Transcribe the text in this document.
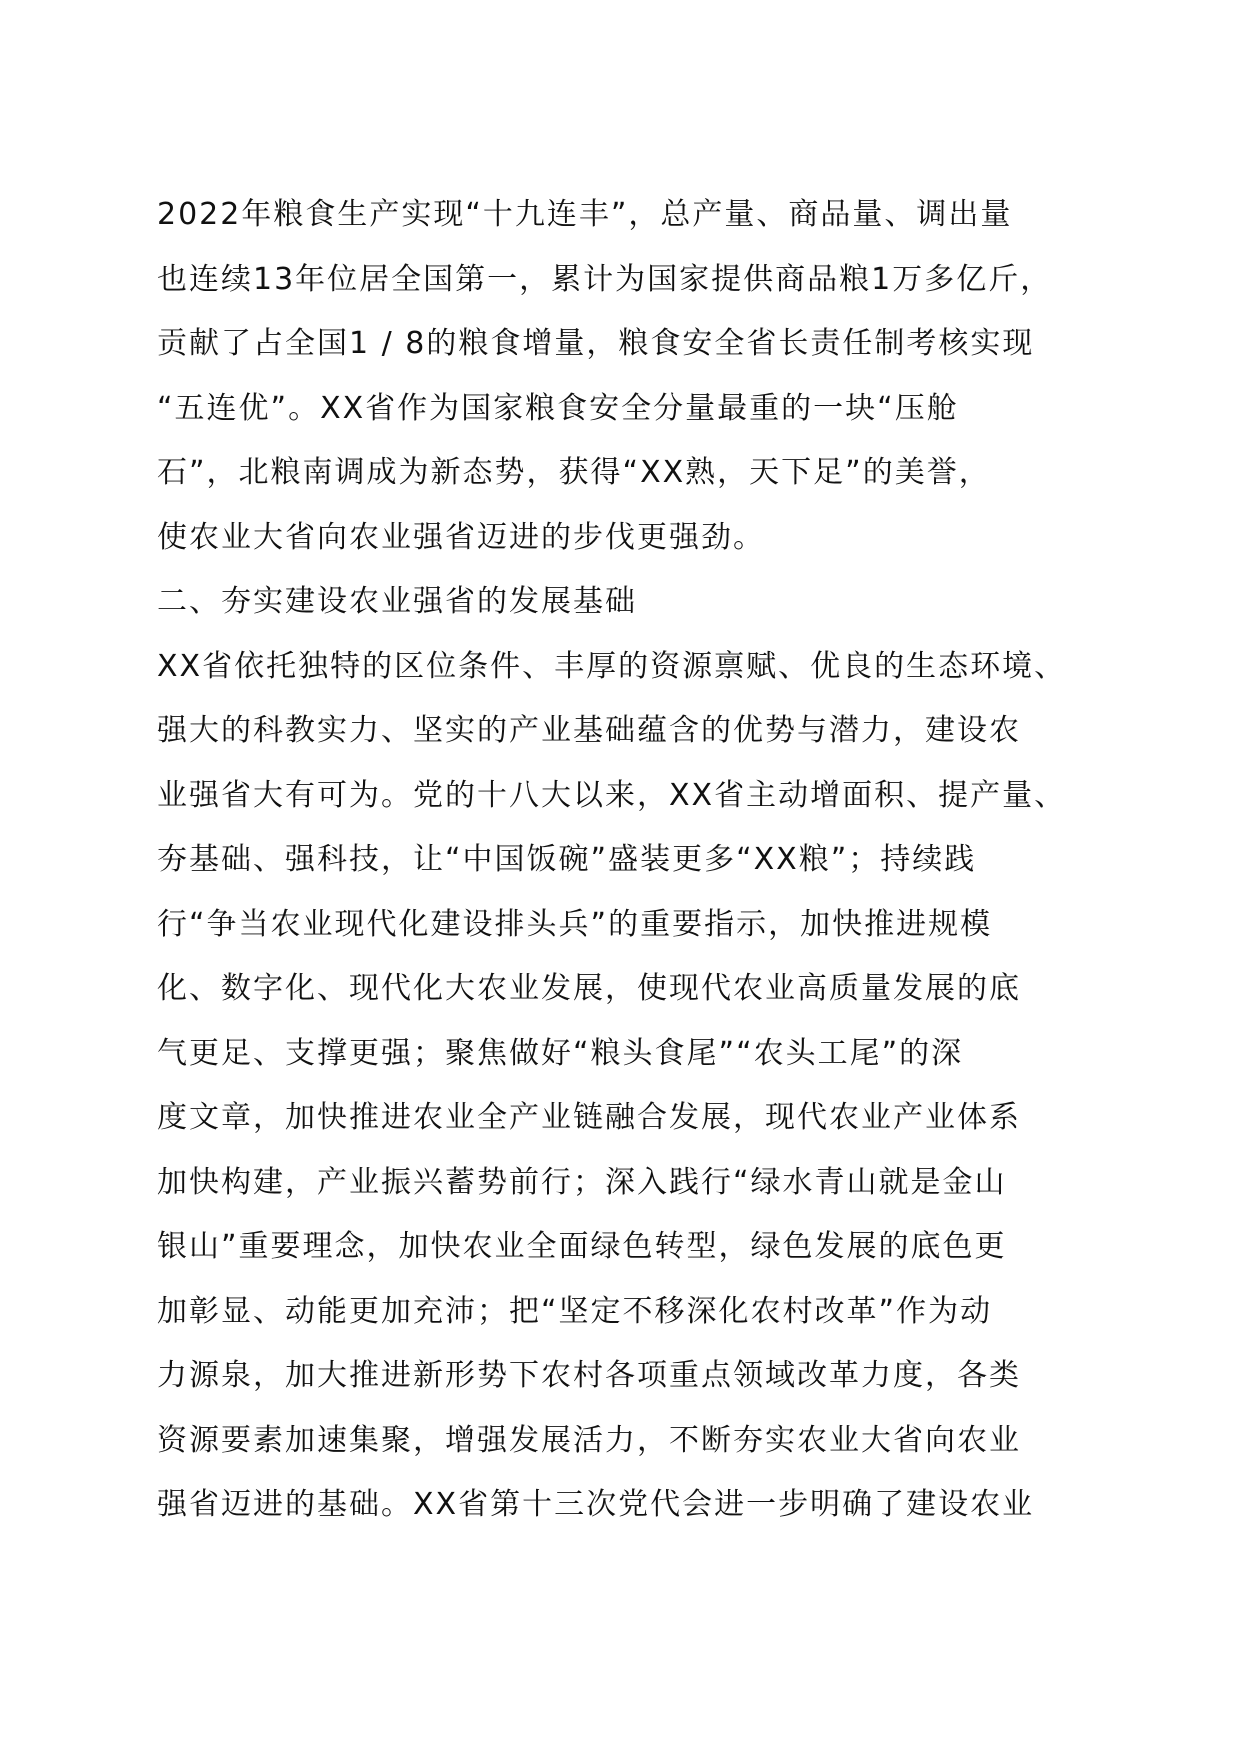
2022年粮食生产实现“十九连丰”，总产量、商品量、调出量
也连续13年位居全国第一，累计为国家提供商品粮1万多亿斤，
贡献了占全国1 / 8的粮食增量，粮食安全省长责任制考核实现
“五连优”。XX省作为国家粮食安全分量最重的一块“压舱
石”，北粮南调成为新态势，获得“XX熟，天下足”的美誉，
使农业大省向农业强省迈进的步伐更强劲。
二、夯实建设农业强省的发展基础
XX省依托独特的区位条件、丰厚的资源禀赋、优良的生态环境、
强大的科教实力、坚实的产业基础蕴含的优势与潜力，建设农
业强省大有可为。党的十八大以来，XX省主动增面积、提产量、
夯基础、强科技，让“中国饭碗”盛装更多“XX粮”；持续践
行“争当农业现代化建设排头兵”的重要指示，加快推进规模
化、数字化、现代化大农业发展，使现代农业高质量发展的底
气更足、支撑更强；聚焦做好“粮头食尾”“农头工尾”的深
度文章，加快推进农业全产业链融合发展，现代农业产业体系
加快构建，产业振兴蓄势前行；深入践行“绿水青山就是金山
银山”重要理念，加快农业全面绿色转型，绿色发展的底色更
加彰显、动能更加充沛；把“坚定不移深化农村改革”作为动
力源泉，加大推进新形势下农村各项重点领域改革力度，各类
资源要素加速集聚，增强发展活力，不断夯实农业大省向农业
强省迈进的基础。XX省第十三次党代会进一步明确了建设农业
